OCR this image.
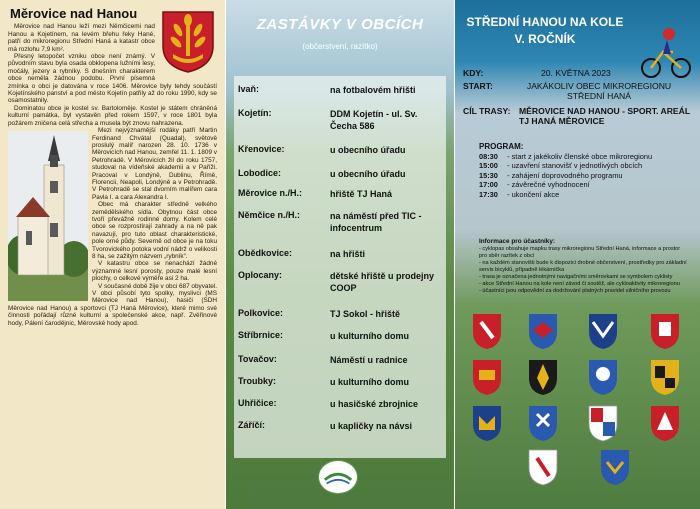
Měrovice nad Hanou

Měrovice nad Hanou leží mezi Němčicemi nad Hanou a Kojetínem, na levém břehu řeky Hané, patří do mikroregionu Střední Haná a katastr obce má rozlohu 7,9 km².

Přesný letopočet vzniku obce není známý. V původním stavu byla osada obklopena lužními lesy, močály, jezery a rybníky. S dnešním charakterem obce neměla žádnou podobu. První písemná zmínka o obci je datována v roce 1406. Měrovice byly tehdy součástí Kojetínského panství a pod město Kojetín patřily až do roku 1990, kdy se osamostatnily.

Dominatou obce je kostel sv. Bartoloměje. Kostel je státem chráněná kulturní památka, byl vystavěn před rokem 1597, v roce 1801 byla požárem zničena celá střecha a musela být znovu nahrazena.

Mezi nejvýznamější rodáky patří Martin Ferdinand Chvátal (Quadal), světově proslulý malíř narozen 28. 10. 1736 v Měrovicích nad Hanou, zemřel 11. 1. 1809 v Petrohradě. V Měrovicích žil do roku 1757, studoval na vídeňské akademii a v Paříži. Pracoval v Londýně, Dublinu, Římě, Florencii, Neapoli, Londýně a v Petrohradě. V Petrohradě se stal dvorním malířem cara Pavla I. a cara Alexandra I.

Obec má charakter středně velkého zemědělského sídla. Obytnou část obce tvoří převážně rodinné domy. Kolem celé obce se rozprostírají zahrady a na ně pak navazují, pro tuto oblast charakteristické, pole orné půdy. Severně od obce je na toku Tvorovického potoka vodní nádrž o velikosti 8 ha, se zažitým názvem „rybník“.

V katastru obce se nenachází žádné významné lesní porosty, pouze malé lesní plochy, o celkové výměře asi 2 ha.

V současné době žije v obci 687 obyvatel. V obci působí tyto spolky, myslivci (MS Měrovice nad Hanou), hasiči (SDH Měrovice nad Hanou) a sportovci (TJ Haná Měrovice), které mimo své činnosti pořádají různé kulturní a společenské akce, např. Zvěřinové hody, Pálení čarodějnic, Měrovské hody apod.

ZASTÁVKY V OBCÍCH
(občerstvení, razítko)
Ivaň:	na fotbalovém hřišti
Kojetín:	DDM Kojetín - ul. Sv. Čecha 586
Křenovice:	u obecního úřadu
Lobodice:	u obecního úřadu
Měrovice n./H.:	hřiště TJ Haná
Němčice n./H.:	na náměstí před TIC - infocentrum
Obědkovice:	na hřišti
Oplocany:	dětské hřiště u prodejny COOP
Polkovice:	TJ Sokol - hřiště
Stříbrnice:	u kulturního domu
Tovačov:	Náměstí u radnice
Troubky:	u kulturního domu
Uhřičice:	u hasičské zbrojnice
Záříčí:	u kapličky na návsi
STŘEDNÍ HANOU NA KOLE
V. ROČNÍK
KDY:	20. KVĚTNA 2023
START:	JAKÁKOLIV OBEC MIKROREGIONU STŘEDNÍ HANÁ
CÍL TRASY: MĚROVICE NAD HANOU - SPORT. AREÁL TJ HANÁ MĚROVICE
PROGRAM:
08:30 - start z jakékoliv členské obce mikroregionu
15:00 - uzavření stanovišť v jednotlivých obcích
15:30 - zahájení doprovodného programu
17:00 - závěrečné vyhodnocení
17:30 - ukončení akce
Informace pro účastníky:
- cyklopas obsahuje mapku trasy mikroregionu Střední Haná, informace a prostor pro sběr razítek z obcí
- na každém stanovišti bude k dispozici drobné občerstvení, prostředky pro základní servis bicyklů, případně lékárnička
- trasa je označena jednotnými navigačními směrovkami se symbolem cyklisty
- akce Střední Hanou na kole není závod či soutěž, ale cykloaktivity mikroregionu
- účastníci jsou odpovědní za dodržování platných pravidel silničního provozu
